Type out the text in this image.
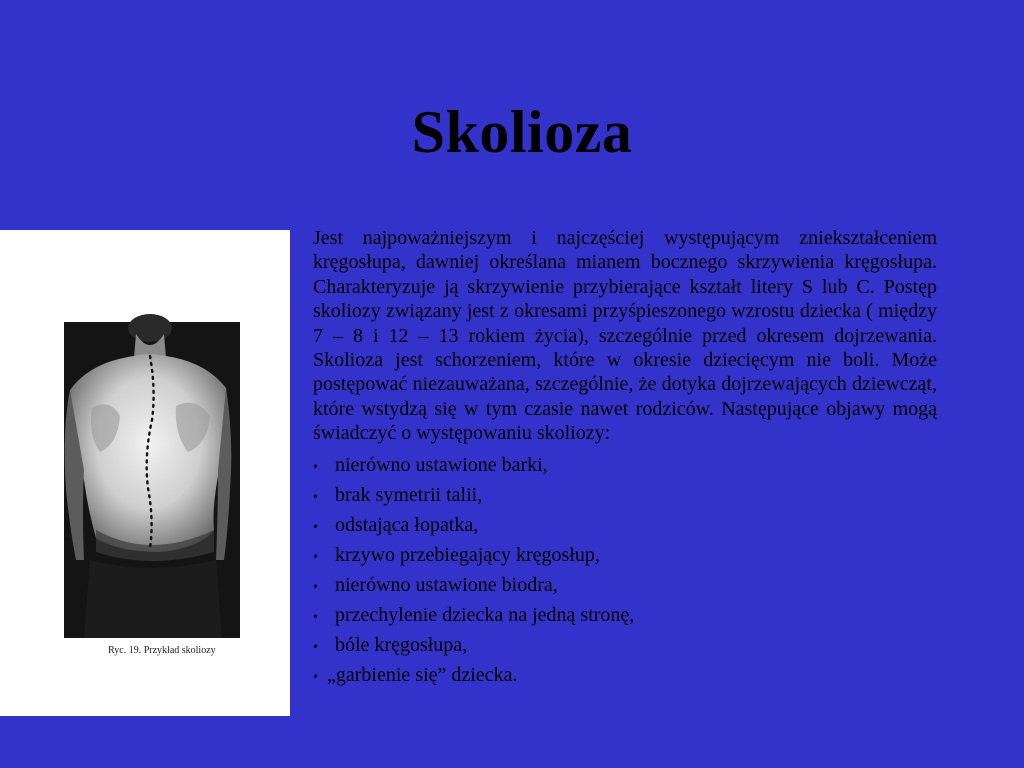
Skolioza
Ryc. 19. Przykład skoliozy

Jest najpoważniejszym i najczęściej występującym zniekształceniem kręgosłupa, dawniej określana mianem bocznego skrzywienia kręgosłupa. Charakteryzuje ją skrzywienie przybierające kształt litery S lub C. Postęp skoliozy związany jest z okresami przyśpieszonego wzrostu dziecka ( między 7 – 8 i 12 – 13 rokiem życia), szczególnie przed okresem dojrzewania. Skolioza jest schorzeniem, które w okresie dziecięcym nie boli. Może postępować niezauważana, szczególnie, że dotyka dojrzewających dziewcząt, które wstydzą się w tym czasie nawet rodziców. Następujące objawy mogą świadczyć o występowaniu skoliozy:

• nierówno ustawione barki,
• brak symetrii talii,
• odstająca łopatka,
• krzywo przebiegający kręgosłup,
• nierówno ustawione biodra,
• przechylenie dziecka na jedną stronę,
• bóle kręgosłupa,
• „garbienie się” dziecka.
